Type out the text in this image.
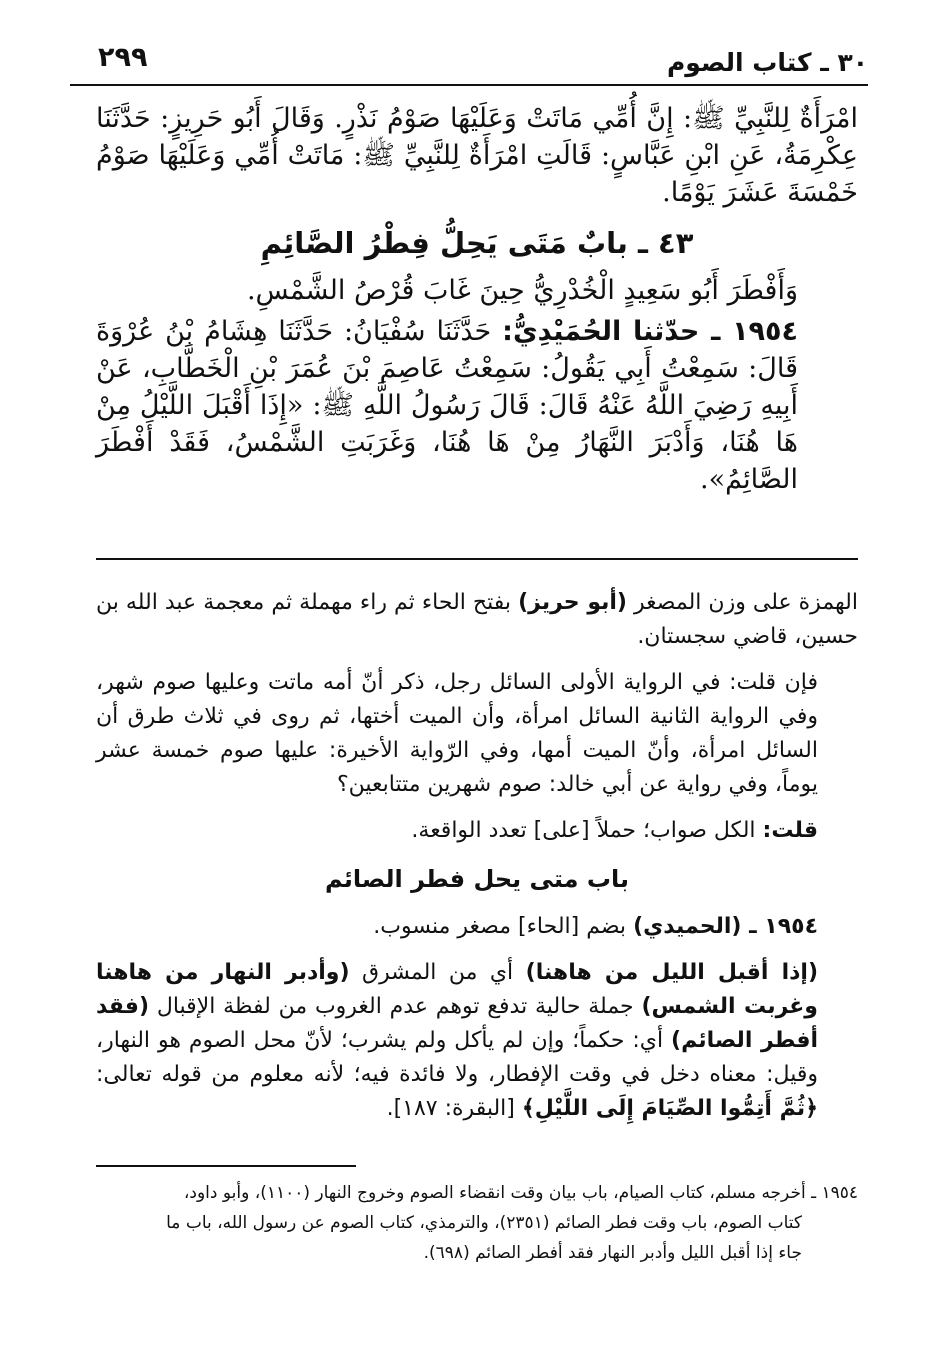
٣٠ ـ كتاب الصوم
٢٩٩

امْرَأَةٌ لِلنَّبِيِّ ﷺ: إِنَّ أُمِّي مَاتَتْ وَعَلَيْهَا صَوْمُ نَذْرٍ. وَقَالَ أَبُو حَرِيزٍ: حَدَّثَنَا عِكْرِمَةُ، عَنِ ابْنِ عَبَّاسٍ: قَالَتِ امْرَأَةٌ لِلنَّبِيِّ ﷺ: مَاتَتْ أُمِّي وَعَلَيْهَا صَوْمُ خَمْسَةَ عَشَرَ يَوْمًا.

٤٣ ـ بابٌ مَتَى يَحِلُّ فِطْرُ الصَّائِمِ

وَأَفْطَرَ أَبُو سَعِيدٍ الْخُدْرِيُّ حِينَ غَابَ قُرْصُ الشَّمْسِ.

١٩٥٤ ـ حدّثنا الحُمَيْدِيُّ: حَدَّثَنَا سُفْيَانُ: حَدَّثَنَا هِشَامُ بْنُ عُرْوَةَ قَالَ: سَمِعْتُ أَبِي يَقُولُ: سَمِعْتُ عَاصِمَ بْنَ عُمَرَ بْنِ الْخَطَّابِ، عَنْ أَبِيهِ رَضِيَ اللَّهُ عَنْهُ قَالَ: قَالَ رَسُولُ اللَّهِ ﷺ: «إِذَا أَقْبَلَ اللَّيْلُ مِنْ هَا هُنَا، وَأَدْبَرَ النَّهَارُ مِنْ هَا هُنَا، وَغَرَبَتِ الشَّمْسُ، فَقَدْ أَفْطَرَ الصَّائِمُ».

الهمزة على وزن المصغر (أبو حريز) بفتح الحاء ثم راء مهملة ثم معجمة عبد الله بن حسين، قاضي سجستان.

فإن قلت: في الرواية الأولى السائل رجل، ذكر أنّ أمه ماتت وعليها صوم شهر، وفي الرواية الثانية السائل امرأة، وأن الميت أختها، ثم روى في ثلاث طرق أن السائل امرأة، وأنّ الميت أمها، وفي الرّواية الأخيرة: عليها صوم خمسة عشر يوماً، وفي رواية عن أبي خالد: صوم شهرين متتابعين؟

قلت: الكل صواب؛ حملاً [على] تعدد الواقعة.

باب متى يحل فطر الصائم

١٩٥٤ ـ (الحميدي) بضم [الحاء] مصغر منسوب.

(إذا أقبل الليل من هاهنا) أي من المشرق (وأدبر النهار من هاهنا وغربت الشمس) جملة حالية تدفع توهم عدم الغروب من لفظة الإقبال (فقد أفطر الصائم) أي: حكماً؛ وإن لم يأكل ولم يشرب؛ لأنّ محل الصوم هو النهار، وقيل: معناه دخل في وقت الإفطار، ولا فائدة فيه؛ لأنه معلوم من قوله تعالى: ﴿ثُمَّ أَتِمُّوا الصِّيَامَ إِلَى اللَّيْلِ﴾ [البقرة: ١٨٧].

١٩٥٤ ـ أخرجه مسلم، كتاب الصيام، باب بيان وقت انقضاء الصوم وخروج النهار (١١٠٠)، وأبو داود،
كتاب الصوم، باب وقت فطر الصائم (٢٣٥١)، والترمذي، كتاب الصوم عن رسول الله، باب ما
جاء إذا أقبل الليل وأدبر النهار فقد أفطر الصائم (٦٩٨).
